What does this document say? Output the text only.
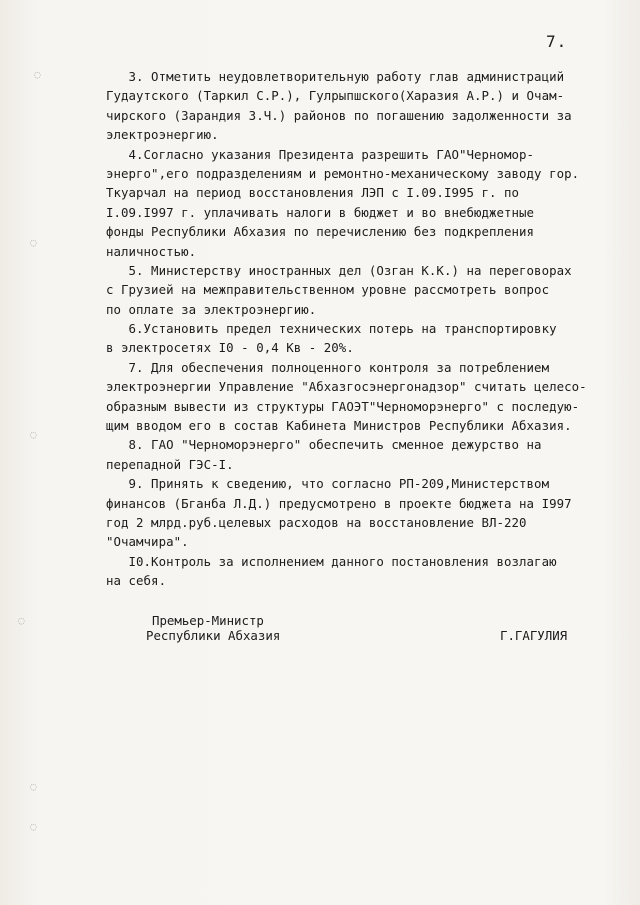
7.
3. Отметить неудовлетворительную работу глав администраций
Гудаутского (Таркил С.Р.), Гулрыпшского(Харазия А.Р.) и Очам-
чирского (Зарандия З.Ч.) районов по погашению задолженности за
электроэнергию.
4.Согласно указания Президента разрешить ГАО"Черномор-
энерго",его подразделениям и ремонтно-механическому заводу гор.
Ткуарчал на период восстановления ЛЭП с I.09.I995 г. по
I.09.I997 г. уплачивать налоги в бюджет и во внебюджетные
фонды Республики Абхазия по перечислению без подкрепления
наличностью.
5. Министерству иностранных дел (Озган К.К.) на переговорах
с Грузией на межправительственном уровне рассмотреть вопрос
по оплате за электроэнергию.
6.Установить предел технических потерь на транспортировку
в электросетях I0 - 0,4 Кв - 20%.
7. Для обеспечения полноценного контроля за потреблением
электроэнергии Управление "Абхазгосэнергонадзор" считать целесо-
образным вывести из структуры ГАОЭТ"Черноморэнерго" с последую-
щим вводом его в состав Кабинета Министров Республики Абхазия.
8. ГАО "Черноморэнерго" обеспечить сменное дежурство на
перепадной ГЭС-I.
9. Принять к сведению, что согласно РП-209,Министерством
финансов (Бганба Л.Д.) предусмотрено в проекте бюджета на I997
год 2 млрд.руб.целевых расходов на восстановление ВЛ-220
"Очамчира".
I0.Контроль за исполнением данного постановления возлагаю
на себя.
Премьер-Министр
Республики Абхазия	Г.ГАГУЛИЯ
◌
◌
◌
◌
◌
◌
